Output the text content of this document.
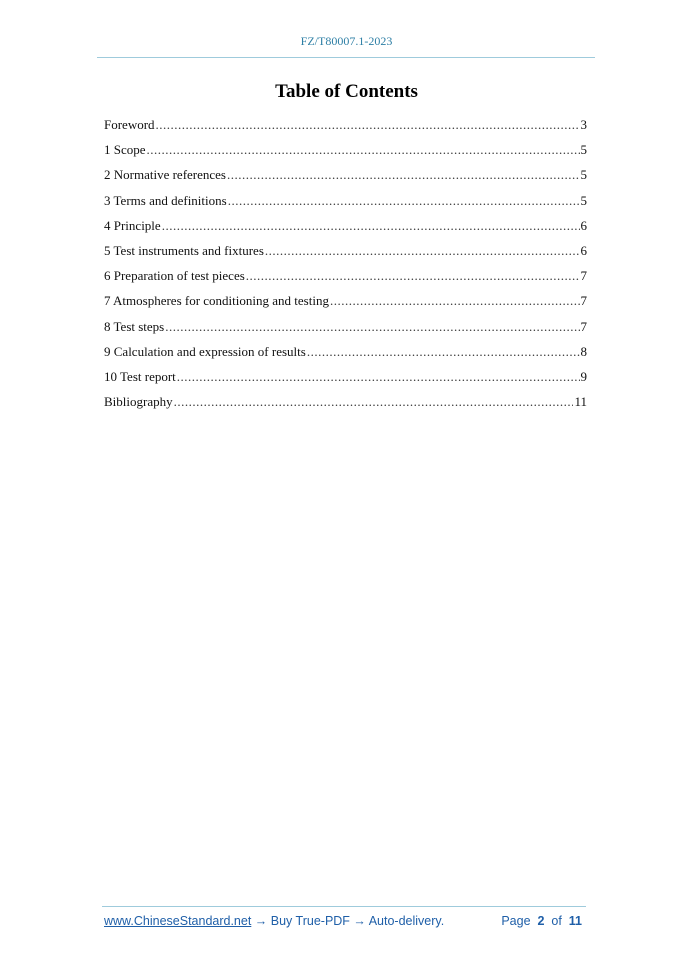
FZ/T80007.1-2023
Table of Contents
Foreword .....	3
1 Scope .....	5
2 Normative references .....	5
3 Terms and definitions .....	5
4 Principle .....	6
5 Test instruments and fixtures .....	6
6 Preparation of test pieces .....	7
7 Atmospheres for conditioning and testing .....	7
8 Test steps .....	7
9 Calculation and expression of results .....	8
10 Test report .....	9
Bibliography .....	11
www.ChineseStandard.net → Buy True-PDF → Auto-delivery.	Page 2 of 11
